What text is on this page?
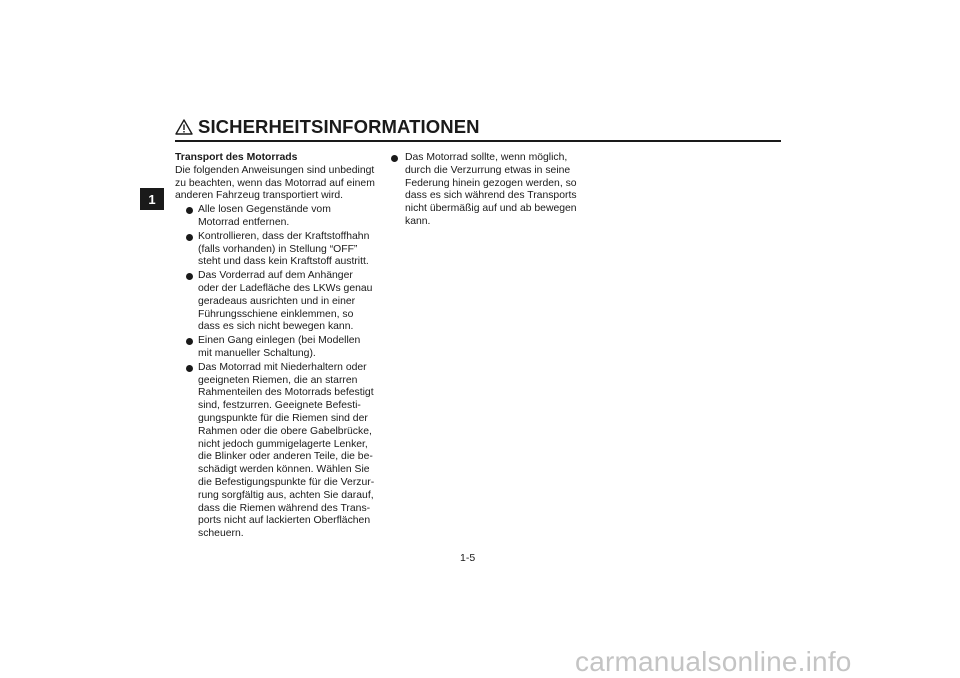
SICHERHEITSINFORMATIONEN
1

Transport des Motorrads

Die folgenden Anweisungen sind unbedingt zu beachten, wenn das Motorrad auf einem anderen Fahrzeug transportiert wird.

Alle losen Gegenstände vom Motorrad entfernen.
Kontrollieren, dass der Kraftstoffhahn (falls vorhanden) in Stellung “OFF” steht und dass kein Kraftstoff austritt.
Das Vorderrad auf dem Anhänger oder der Ladefläche des LKWs genau geradeaus ausrichten und in einer Führungsschiene einklemmen, so dass es sich nicht bewegen kann.
Einen Gang einlegen (bei Modellen mit manueller Schaltung).
Das Motorrad mit Niederhaltern oder geeigneten Riemen, die an starren Rahmenteilen des Motorrads befestigt sind, festzurren. Geeignete Befesti-gungspunkte für die Riemen sind der Rahmen oder die obere Gabelbrücke, nicht jedoch gummigelagerte Lenker, die Blinker oder anderen Teile, die be-schädigt werden können. Wählen Sie die Befestigungspunkte für die Verzur-rung sorgfältig aus, achten Sie darauf, dass die Riemen während des Trans-ports nicht auf lackierten Oberflächen scheuern.
Das Motorrad sollte, wenn möglich, durch die Verzurrung etwas in seine Federung hinein gezogen werden, so dass es sich während des Transports nicht übermäßig auf und ab bewegen kann.
1-5
carmanualsonline.info
